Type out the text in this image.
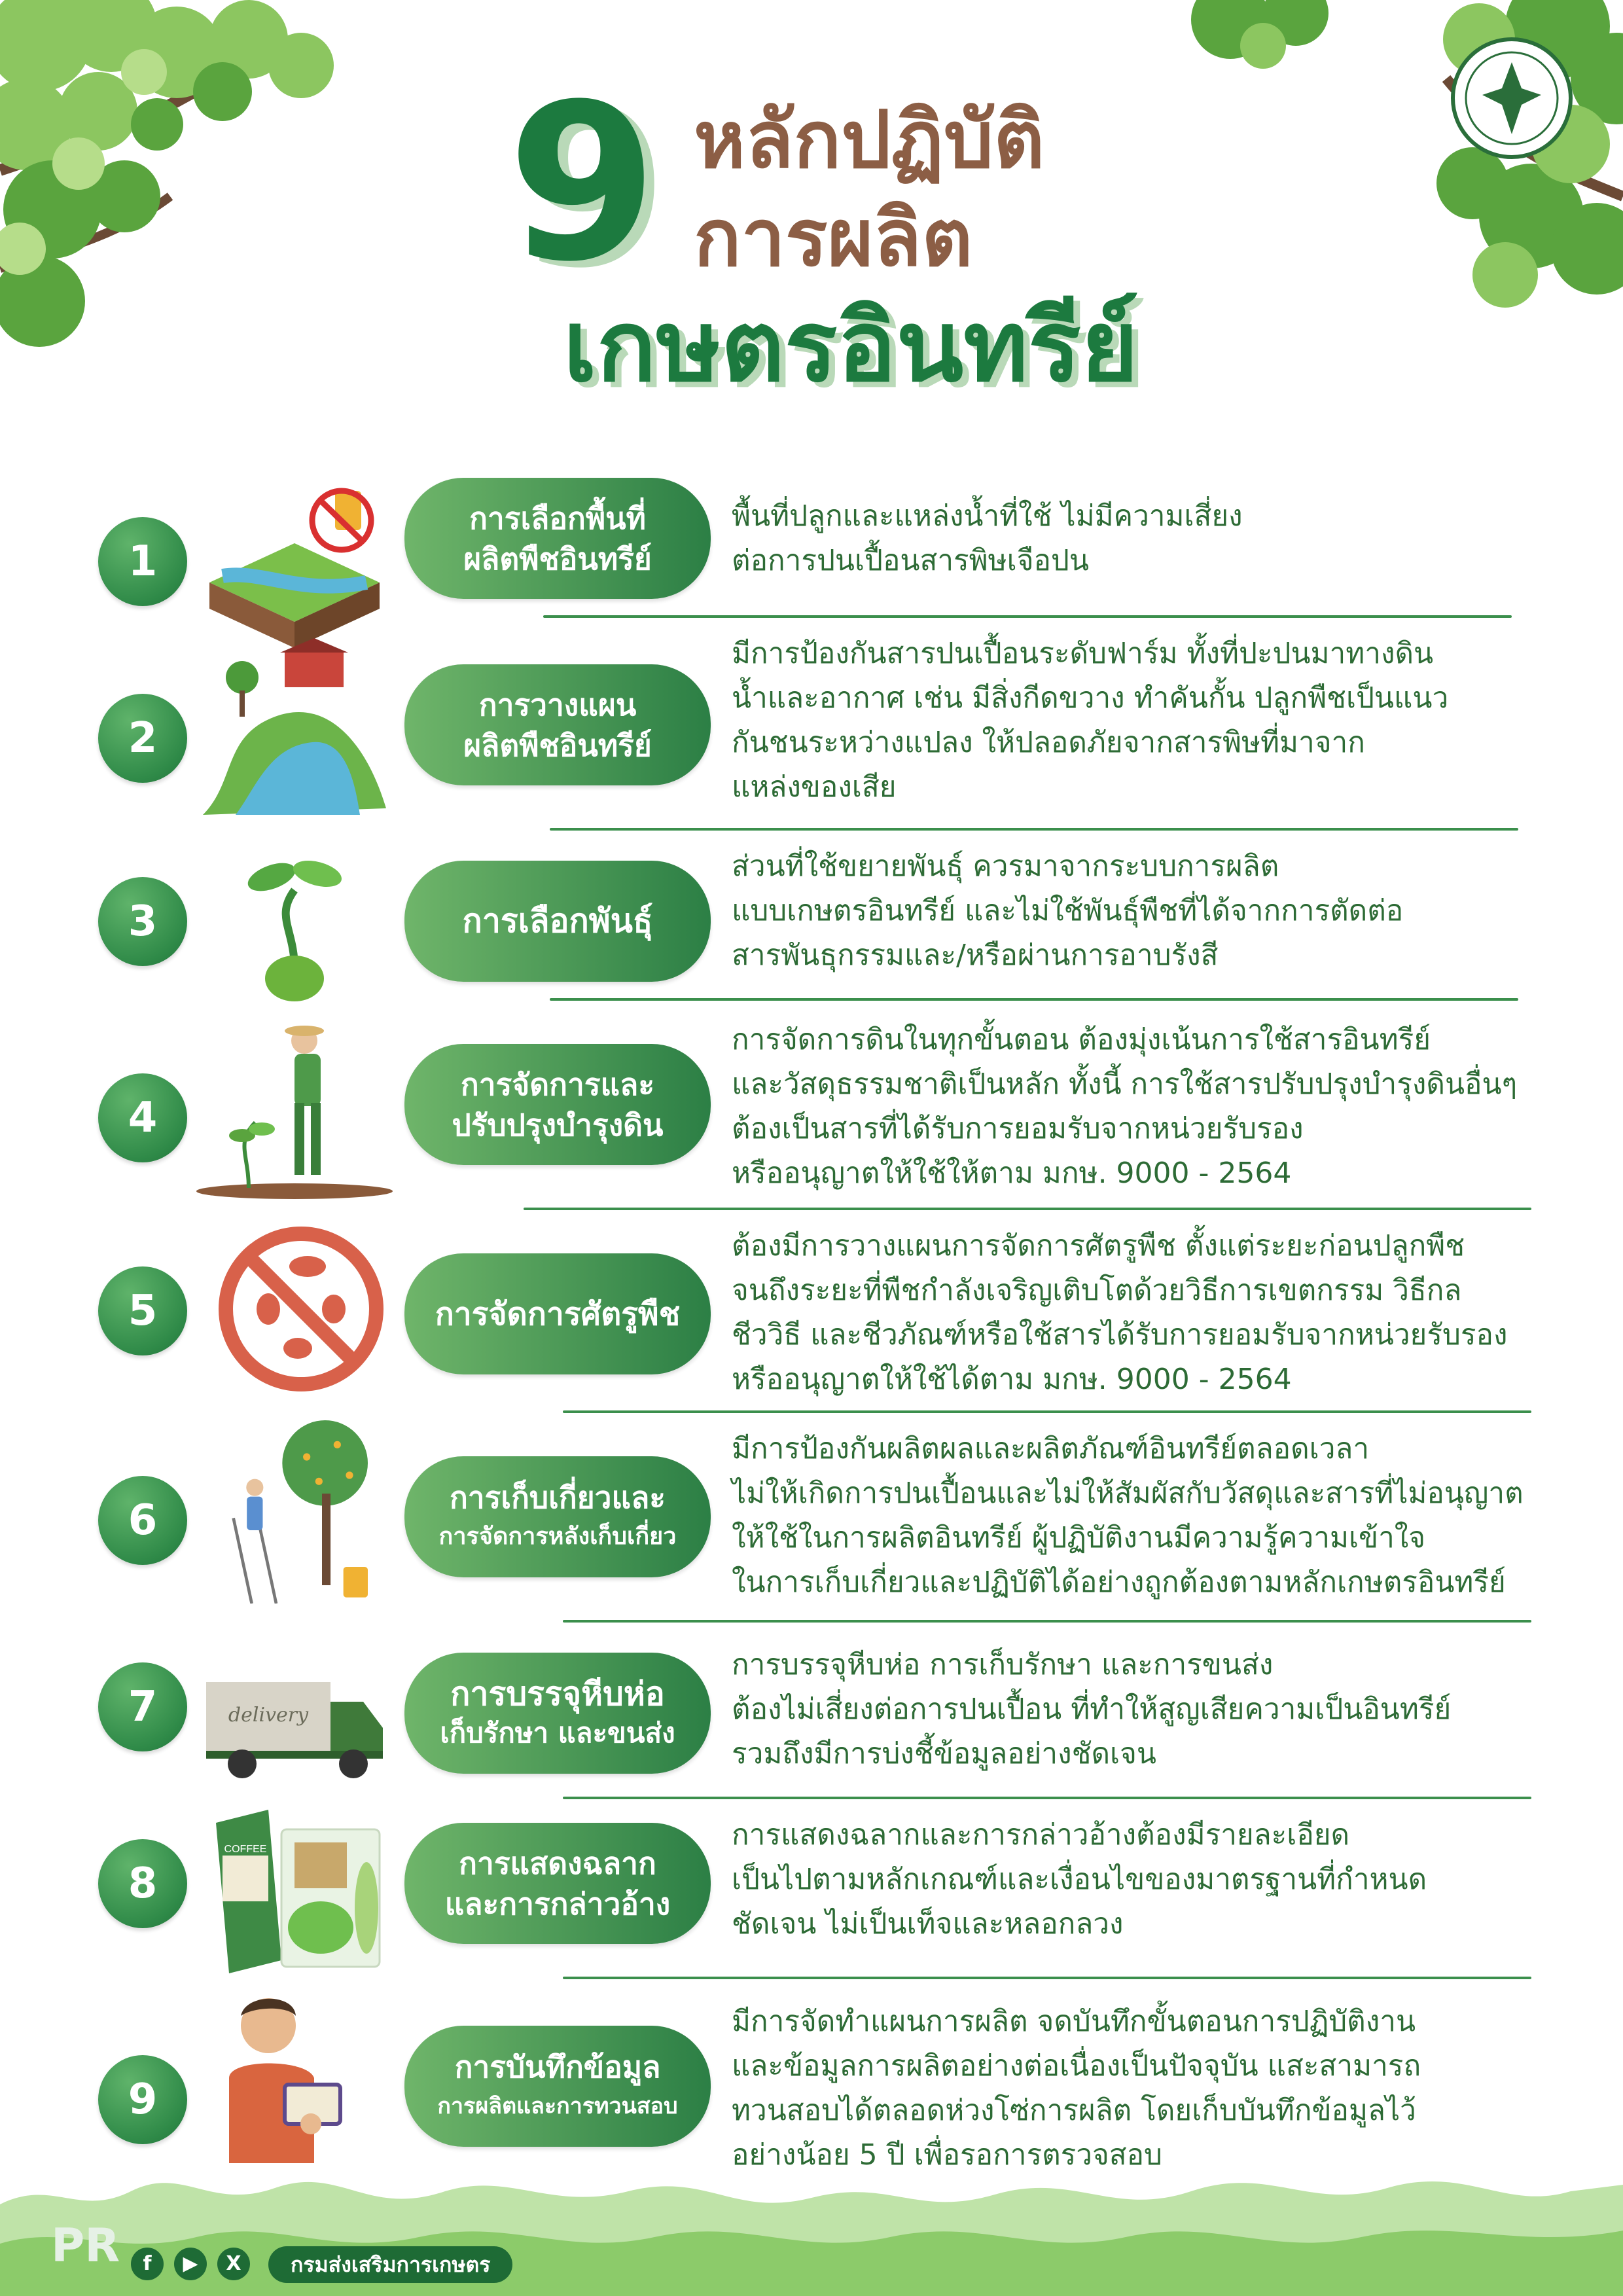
9 หลักปฏิบัติ
การผลิต
เกษตรอินทรีย์
1
การเลือกพื้นที่
ผลิตพืชอินทรีย์
พื้นที่ปลูกและแหล่งน้ำที่ใช้ ไม่มีความเสี่ยง
ต่อการปนเปื้อนสารพิษเจือปน
2
การวางแผน
ผลิตพืชอินทรีย์
มีการป้องกันสารปนเปื้อนระดับฟาร์ม ทั้งที่ปะปนมาทางดิน
น้ำและอากาศ เช่น มีสิ่งกีดขวาง ทำคันกั้น ปลูกพืชเป็นแนว
กันชนระหว่างแปลง ให้ปลอดภัยจากสารพิษที่มาจาก
แหล่งของเสีย
3	การเลือกพันธุ์
ส่วนที่ใช้ขยายพันธุ์ ควรมาจากระบบการผลิต
แบบเกษตรอินทรีย์ และไม่ใช้พันธุ์พืชที่ได้จากการตัดต่อ
สารพันธุกรรมและ/หรือผ่านการอาบรังสี
4
การจัดการและ
ปรับปรุงบำรุงดิน
การจัดการดินในทุกขั้นตอน ต้องมุ่งเน้นการใช้สารอินทรีย์
และวัสดุธรรมชาติเป็นหลัก ทั้งนี้ การใช้สารปรับปรุงบำรุงดินอื่นๆ
ต้องเป็นสารที่ได้รับการยอมรับจากหน่วยรับรอง
หรืออนุญาตให้ใช้ให้ตาม มกษ. 9000 - 2564
5	การจัดการศัตรูพืช
ต้องมีการวางแผนการจัดการศัตรูพืช ตั้งแต่ระยะก่อนปลูกพืช
จนถึงระยะที่พืชกำลังเจริญเติบโตด้วยวิธีการเขตกรรม วิธีกล
ชีววิธี และชีวภัณฑ์หรือใช้สารได้รับการยอมรับจากหน่วยรับรอง
หรืออนุญาตให้ใช้ได้ตาม มกษ. 9000 - 2564
6	การเก็บเกี่ยวและ
การจัดการหลังเก็บเกี่ยว
มีการป้องกันผลิตผลและผลิตภัณฑ์อินทรีย์ตลอดเวลา
ไม่ให้เกิดการปนเปื้อนและไม่ให้สัมผัสกับวัสดุและสารที่ไม่อนุญาต
ให้ใช้ในการผลิตอินทรีย์ ผู้ปฏิบัติงานมีความรู้ความเข้าใจ
ในการเก็บเกี่ยวและปฏิบัติได้อย่างถูกต้องตามหลักเกษตรอินทรีย์
7	delivery
การบรรจุหีบห่อ
เก็บรักษา และขนส่ง
การบรรจุหีบห่อ การเก็บรักษา และการขนส่ง
ต้องไม่เสี่ยงต่อการปนเปื้อน ที่ทำให้สูญเสียความเป็นอินทรีย์
รวมถึงมีการบ่งชี้ข้อมูลอย่างชัดเจน
8
COFFEE	การแสดงฉลาก
และการกล่าวอ้าง
การแสดงฉลากและการกล่าวอ้างต้องมีรายละเอียด
เป็นไปตามหลักเกณฑ์และเงื่อนไขของมาตรฐานที่กำหนด
ชัดเจน ไม่เป็นเท็จและหลอกลวง
9
การบันทึกข้อมูล
การผลิตและการทวนสอบ
มีการจัดทำแผนการผลิต จดบันทึกขั้นตอนการปฏิบัติงาน
และข้อมูลการผลิตอย่างต่อเนื่องเป็นปัจจุบัน แสะสามารถ
ทวนสอบได้ตลอดห่วงโซ่การผลิต โดยเก็บบันทึกข้อมูลไว้
อย่างน้อย 5 ปี เพื่อรอการตรวจสอบ
PR	f	▶	X	กรมส่งเสริมการเกษตร
